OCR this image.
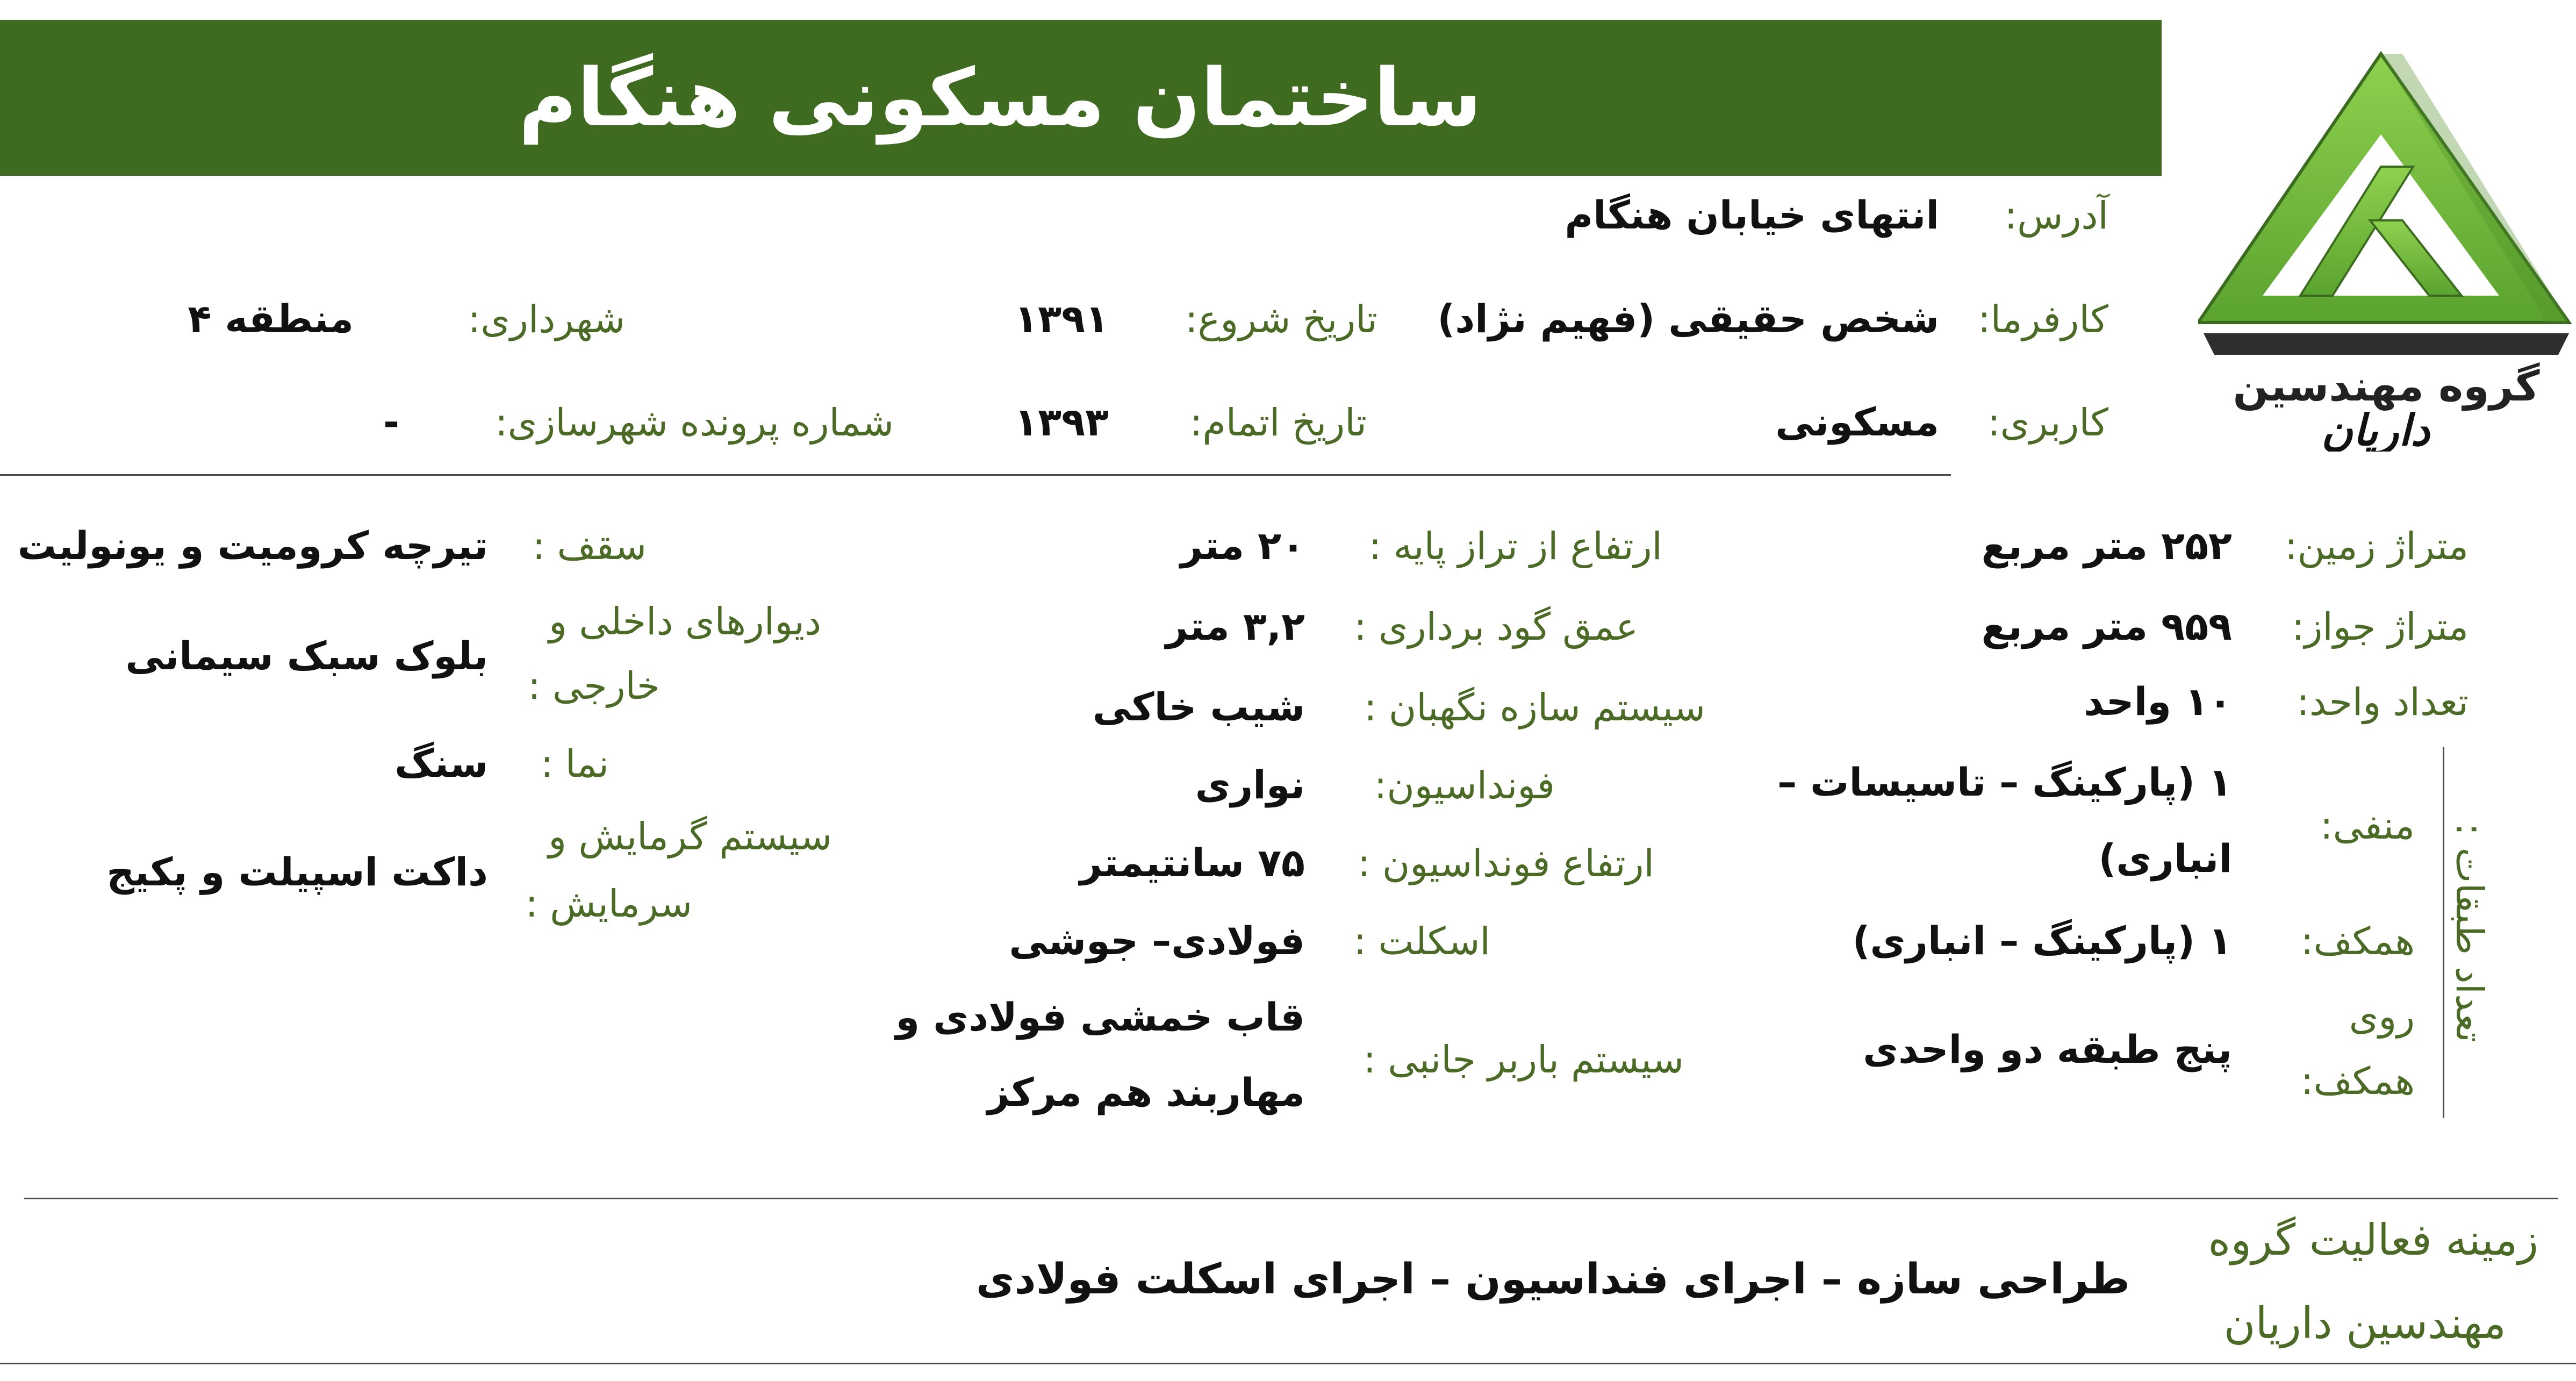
ساختمان مسکونی هنگام
گروه مهندسین
داریان
آدرس:
انتهای خیابان هنگام
کارفرما:
شخص حقیقی (فهیم نژاد)
تاریخ شروع:
۱۳۹۱
شهرداری:
منطقه ۴
کاربری:
مسکونی
تاریخ اتمام:
۱۳۹۳
شماره پرونده شهرسازی:
-
متراژ زمین:
۲۵۲ متر مربع
متراژ جواز:
۹۵۹ متر مربع
تعداد واحد:
۱۰ واحد
تعداد طبقات :
منفی:
۱ (پارکینگ – تاسیسات –
انباری)
همکف:
۱ (پارکینگ – انباری)
روی
همکف:
پنج طبقه دو واحدی
ارتفاع از تراز پایه :
۲۰ متر
عمق گود برداری :
۳,۲ متر
سیستم سازه نگهبان :
شیب خاکی
فونداسیون:
نواری
ارتفاع فونداسیون :
۷۵ سانتیمتر
اسکلت :
فولادی– جوشی
سیستم باربر جانبی :
قاب خمشی فولادی و
مهاربند هم مرکز
سقف :
تیرچه کرومیت و یونولیت
دیوارهای داخلی و
خارجی :
بلوک سبک سیمانی
نما :
سنگ
سیستم گرمایش و
سرمایش :
داکت اسپیلت و پکیج
زمینه فعالیت گروه
مهندسین داریان
طراحی سازه – اجرای فنداسیون – اجرای اسکلت فولادی
